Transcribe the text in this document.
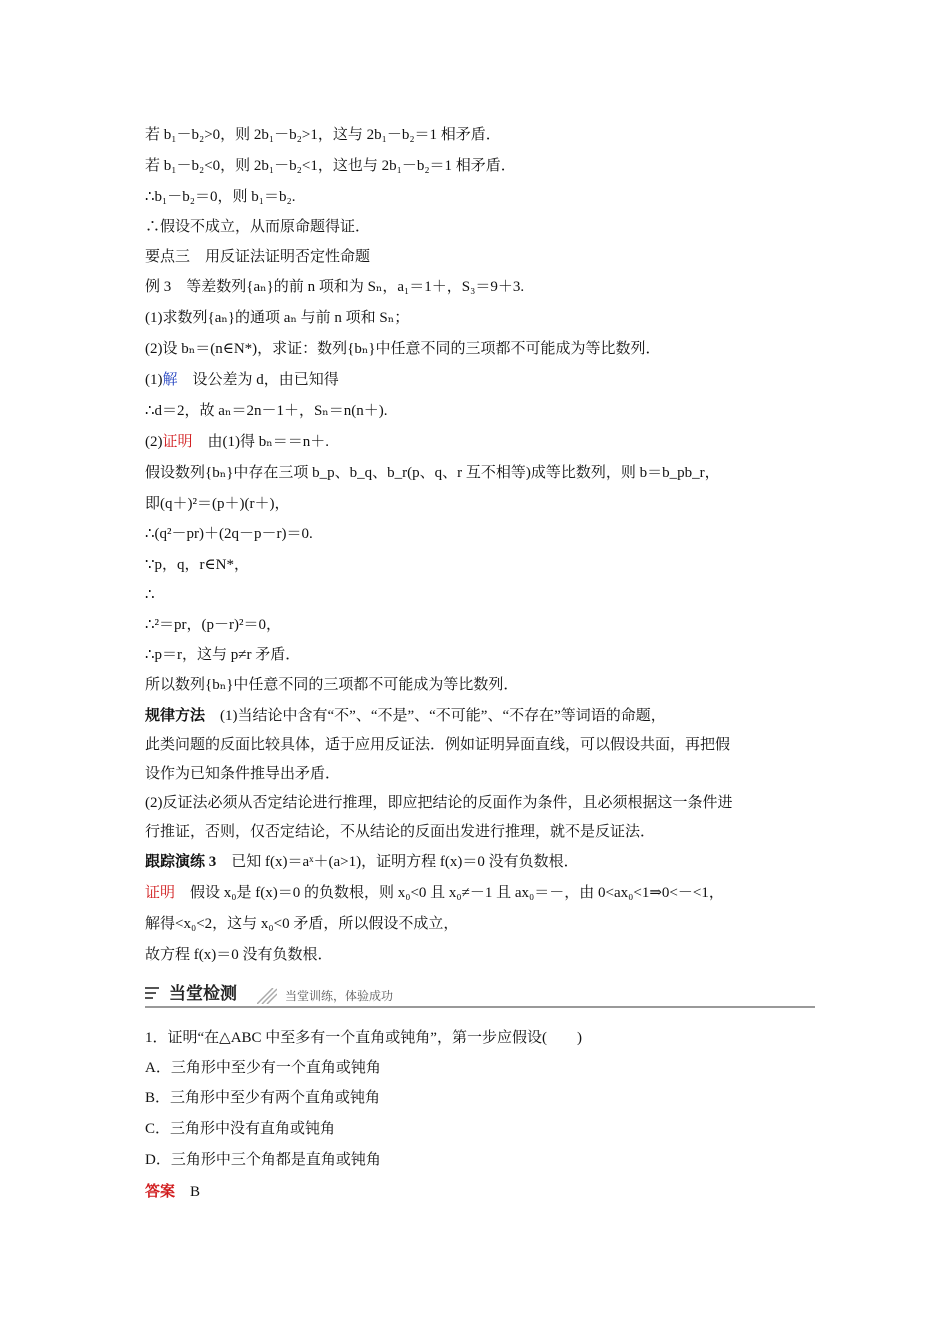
若 b₁－b₂>0，则 2b₁－b₂>1，这与 2b₁－b₂＝1 相矛盾．
若 b₁－b₂<0，则 2b₁－b₂<1，这也与 2b₁－b₂＝1 相矛盾．
∴b₁－b₂＝0，则 b₁＝b₂.
∴假设不成立，从而原命题得证．
要点三　用反证法证明否定性命题
例 3　等差数列{aₙ}的前 n 项和为 Sₙ，a₁＝1＋，S₃＝9＋3.
(1)求数列{aₙ}的通项 aₙ 与前 n 项和 Sₙ；
(2)设 bₙ＝(n∈N*)，求证：数列{bₙ}中任意不同的三项都不可能成为等比数列．
(1)解　 设公差为 d，由已知得
∴d＝2，故 aₙ＝2n－1＋，Sₙ＝n(n＋).
(2)证明　 由(1)得 bₙ＝＝n＋.
假设数列{bₙ}中存在三项 b_p、b_q、b_r(p、q、r 互不相等)成等比数列，则 b＝b_pb_r，
即(q＋)²＝(p＋)(r＋)，
∴(q²－pr)＋(2q－p－r)＝0.
∵p，q，r∈N*，
∴
∴²＝pr，(p－r)²＝0，
∴p＝r，这与 p≠r 矛盾．
所以数列{bₙ}中任意不同的三项都不可能成为等比数列．
规律方法　(1)当结论中含有“不”、“不是”、“不可能”、“不存在”等词语的命题，
此类问题的反面比较具体，适于应用反证法．例如证明异面直线，可以假设共面，再把假
设作为已知条件推导出矛盾．
(2)反证法必须从否定结论进行推理，即应把结论的反面作为条件，且必须根据这一条件进
行推证，否则，仅否定结论，不从结论的反面出发进行推理，就不是反证法．
跟踪演练 3　已知 f(x)＝aˣ＋(a>1)，证明方程 f(x)＝0 没有负数根．
证明　假设 x₀是 f(x)＝0 的负数根，则 x₀<0 且 x₀≠－1 且 ax₀＝－，由 0<ax₀<1⇒0<－<1，
解得<x₀<2，这与 x₀<0 矛盾，所以假设不成立，
故方程 f(x)＝0 没有负数根．
当堂检测	当堂训练，体验成功
1．证明“在△ABC 中至多有一个直角或钝角”，第一步应假设(　　)
A．三角形中至少有一个直角或钝角
B．三角形中至少有两个直角或钝角
C．三角形中没有直角或钝角
D．三角形中三个角都是直角或钝角
答案　 B
